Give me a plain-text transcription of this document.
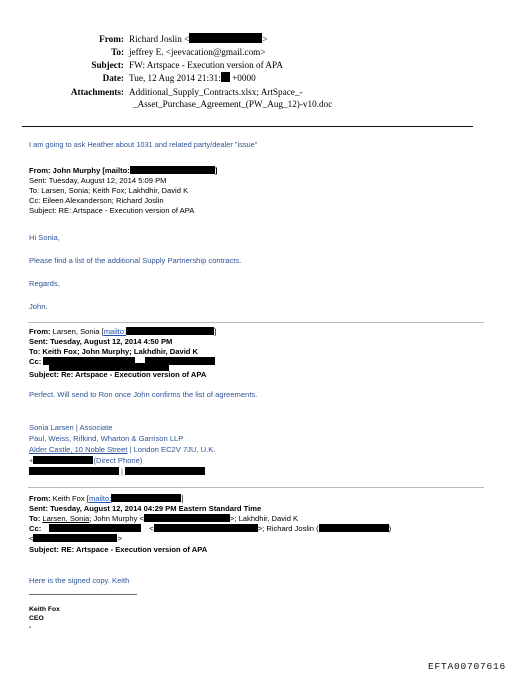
From: Richard Joslin <	>
To: jeffrey E. <jeevacation@gmail.com>
Subject: FW: Artspace - Execution version of APA
Date: Tue, 12 Aug 2014 21:31: +0000
Attachments: Additional_Supply_Contracts.xlsx; ArtSpace_-
_Asset_Purchase_Agreement_(PW_Aug_12)-v10.doc
I am going to ask Heather about 1031 and related party/dealer "issue"
From: John Murphy [mailto:	]
Sent: Tuesday, August 12, 2014 5:09 PM
To: Larsen, Sonia; Keith Fox; Lakhdhir, David K
Cc: Eileen Alexanderson; Richard Joslin
Subject: RE: Artspace - Execution version of APA
Hi Sonia,
Please find a list of the additional Supply Partnership contracts.
Regards,
John.
From: Larsen, Sonia [mailto:	]
Sent: Tuesday, August 12, 2014 4:50 PM
To: Keith Fox; John Murphy; Lakhdhir, David K
Cc:
Subject: Re: Artspace - Execution version of APA
Perfect. Will send to Ron once John confirms the list of agreements.
Sonia Larsen | Associate
Paul, Weiss, Rifkind, Wharton & Garrison LLP
Alder Castle, 10 Noble Street | London EC2V 7JU, U.K.
+	(Direct Phone)
|
From: Keith Fox [mailto:	]
Sent: Tuesday, August 12, 2014 04:29 PM Eastern Standard Time
To: Larsen, Sonia; John Murphy <	>; Lakhdhir, David K
Cc:	<	>; Richard Joslin (	)
<	>
Subject: RE: Artspace - Execution version of APA
Here is the signed copy. Keith
Keith Fox
CEO
-
EFTA00707616
